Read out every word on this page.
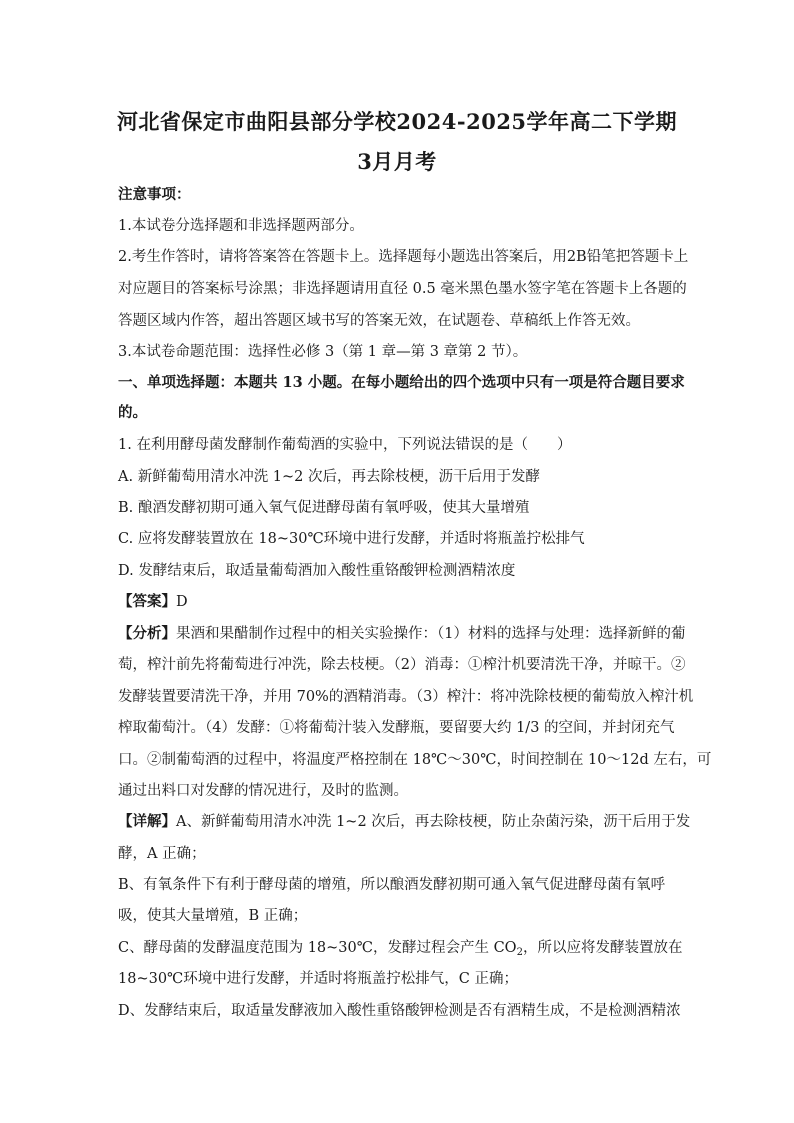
河北省保定市曲阳县部分学校2024-2025学年高二下学期
3月月考
注意事项：
1.本试卷分选择题和非选择题两部分。
2.考生作答时，请将答案答在答题卡上。选择题每小题选出答案后，用2B铅笔把答题卡上
对应题目的答案标号涂黑；非选择题请用直径 0.5 毫米黑色墨水签字笔在答题卡上各题的
答题区域内作答，超出答题区域书写的答案无效，在试题卷、草稿纸上作答无效。
3.本试卷命题范围：选择性必修 3（第 1 章—第 3 章第 2 节）。
一、单项选择题：本题共 13 小题。在每小题给出的四个选项中只有一项是符合题目要求
的。
1. 在利用酵母菌发酵制作葡萄酒的实验中，下列说法错误的是（　　）
A. 新鲜葡萄用清水冲洗 1~2 次后，再去除枝梗，沥干后用于发酵
B. 酿酒发酵初期可通入氧气促进酵母菌有氧呼吸，使其大量增殖
C. 应将发酵装置放在 18~30℃环境中进行发酵，并适时将瓶盖拧松排气
D. 发酵结束后，取适量葡萄酒加入酸性重铬酸钾检测酒精浓度
【答案】D
【分析】果酒和果醋制作过程中的相关实验操作：（1）材料的选择与处理：选择新鲜的葡
萄，榨汁前先将葡萄进行冲洗，除去枝梗。（2）消毒：①榨汁机要清洗干净，并晾干。②
发酵装置要清洗干净，并用 70%的酒精消毒。（3）榨汁：将冲洗除枝梗的葡萄放入榨汁机
榨取葡萄汁。（4）发酵：①将葡萄汁装入发酵瓶，要留要大约 1/3 的空间，并封闭充气
口。②制葡萄酒的过程中，将温度严格控制在 18℃～30℃，时间控制在 10～12d 左右，可
通过出料口对发酵的情况进行，及时的监测。
【详解】A、新鲜葡萄用清水冲洗 1~2 次后，再去除枝梗，防止杂菌污染，沥干后用于发
酵，A 正确；
B、有氧条件下有利于酵母菌的增殖，所以酿酒发酵初期可通入氧气促进酵母菌有氧呼
吸，使其大量增殖，B 正确；
C、酵母菌的发酵温度范围为 18~30℃，发酵过程会产生 $CO_2$，所以应将发酵装置放在
18~30℃环境中进行发酵，并适时将瓶盖拧松排气，C 正确；
D、发酵结束后，取适量发酵液加入酸性重铬酸钾检测是否有酒精生成，不是检测酒精浓
